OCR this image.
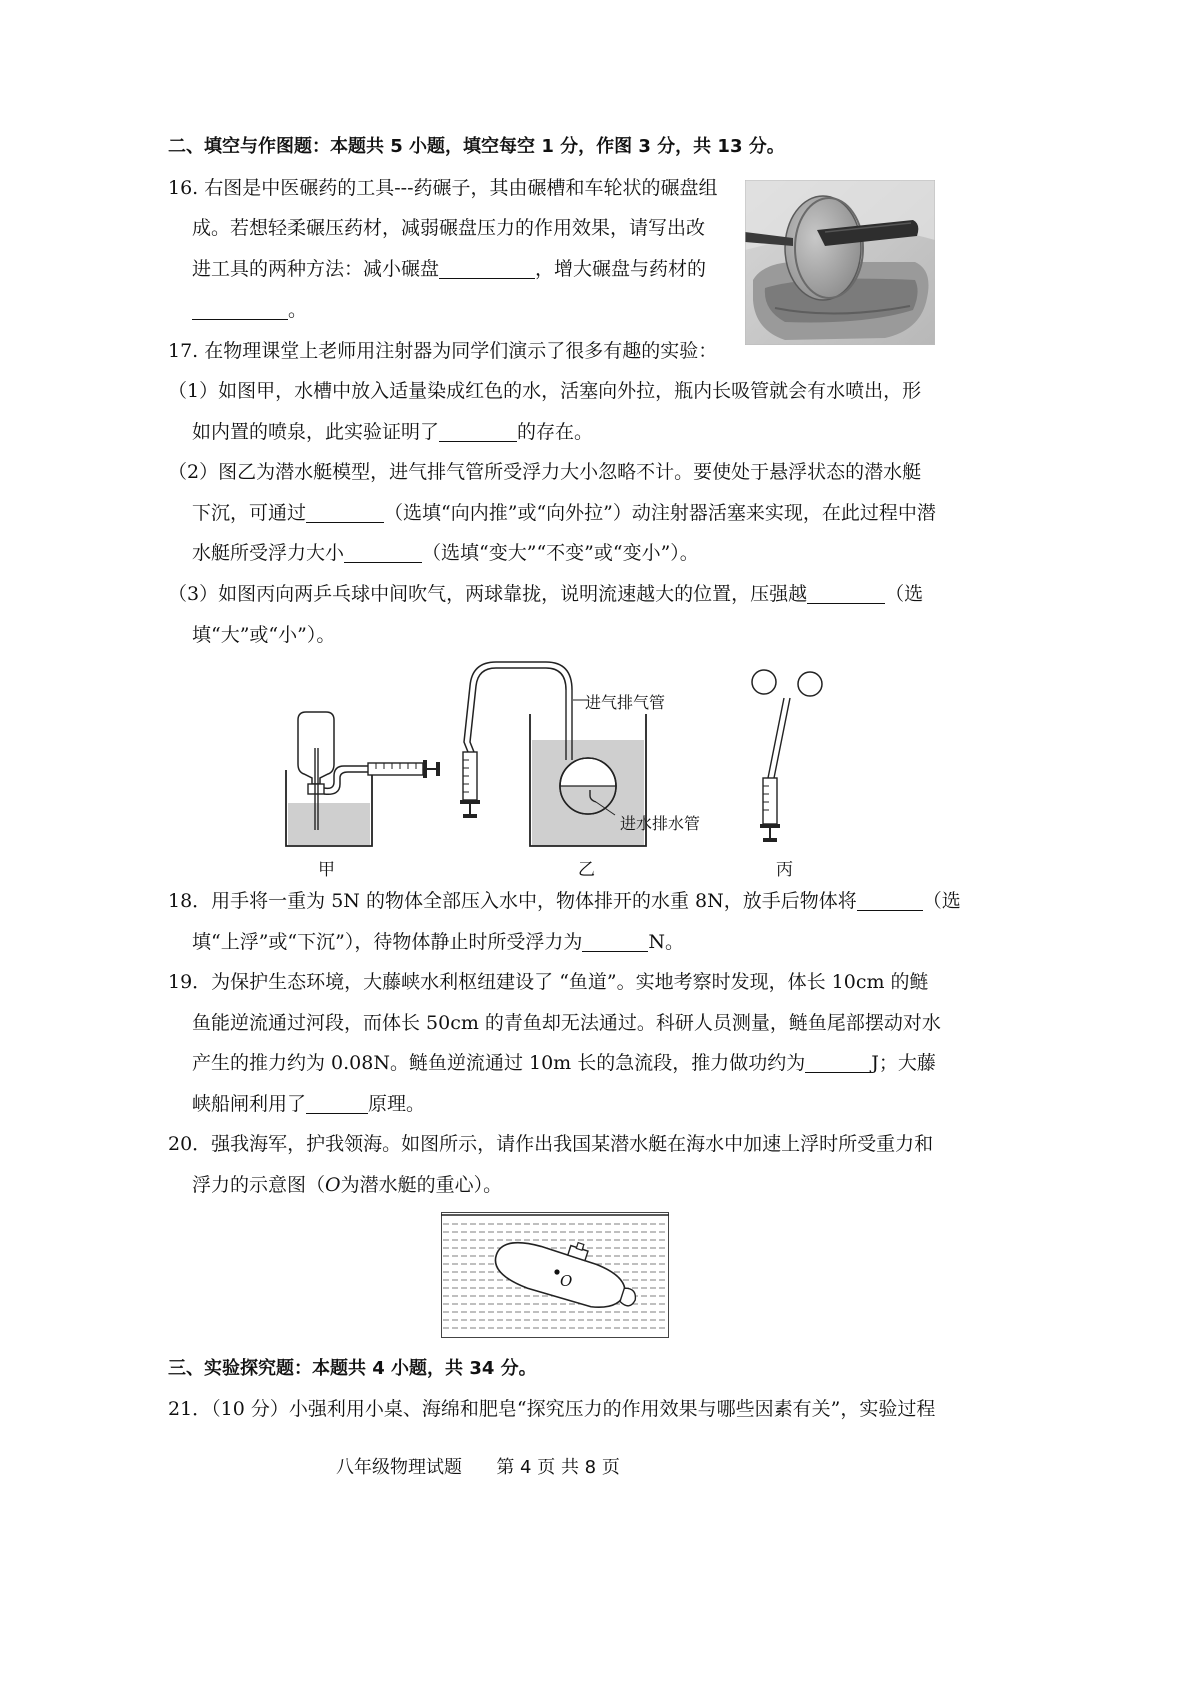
二、填空与作图题：本题共 5 小题，填空每空 1 分，作图 3 分，共 13 分。
16. 右图是中医碾药的工具---药碾子，其由碾槽和车轮状的碾盘组
成。若想轻柔碾压药材，减弱碾盘压力的作用效果，请写出改
进工具的两种方法：减小碾盘	，增大碾盘与药材的
。
17. 在物理课堂上老师用注射器为同学们演示了很多有趣的实验：
（1）如图甲，水槽中放入适量染成红色的水，活塞向外拉，瓶内长吸管就会有水喷出，形
如内置的喷泉，此实验证明了	的存在。
（2）图乙为潜水艇模型，进气排气管所受浮力大小忽略不计。要使处于悬浮状态的潜水艇
下沉，可通过	（选填“向内推”或“向外拉”）动注射器活塞来实现，在此过程中潜
水艇所受浮力大小	（选填“变大”“不变”或“变小”）。
（3）如图丙向两乒乓球中间吹气，两球靠拢，说明流速越大的位置，压强越	（选
填“大”或“小”）。
进气排气管
进水排水管
甲	乙	丙
18．用手将一重为 5N 的物体全部压入水中，物体排开的水重 8N，放手后物体将	（选
填“上浮”或“下沉”），待物体静止时所受浮力为	N。
19．为保护生态环境，大藤峡水利枢纽建设了 “鱼道”。实地考察时发现，体长 10cm 的鲢
鱼能逆流通过河段，而体长 50cm 的青鱼却无法通过。科研人员测量，鲢鱼尾部摆动对水
产生的推力约为 0.08N。鲢鱼逆流通过 10m 长的急流段，推力做功约为	J；大藤
峡船闸利用了	原理。
20．强我海军，护我领海。如图所示，请作出我国某潜水艇在海水中加速上浮时所受重力和
浮力的示意图（O为潜水艇的重心）。
O
三、实验探究题：本题共 4 小题，共 34 分。
21．（10 分）小强利用小桌、海绵和肥皂“探究压力的作用效果与哪些因素有关”，实验过程
八年级物理试题      第 4 页 共 8 页
